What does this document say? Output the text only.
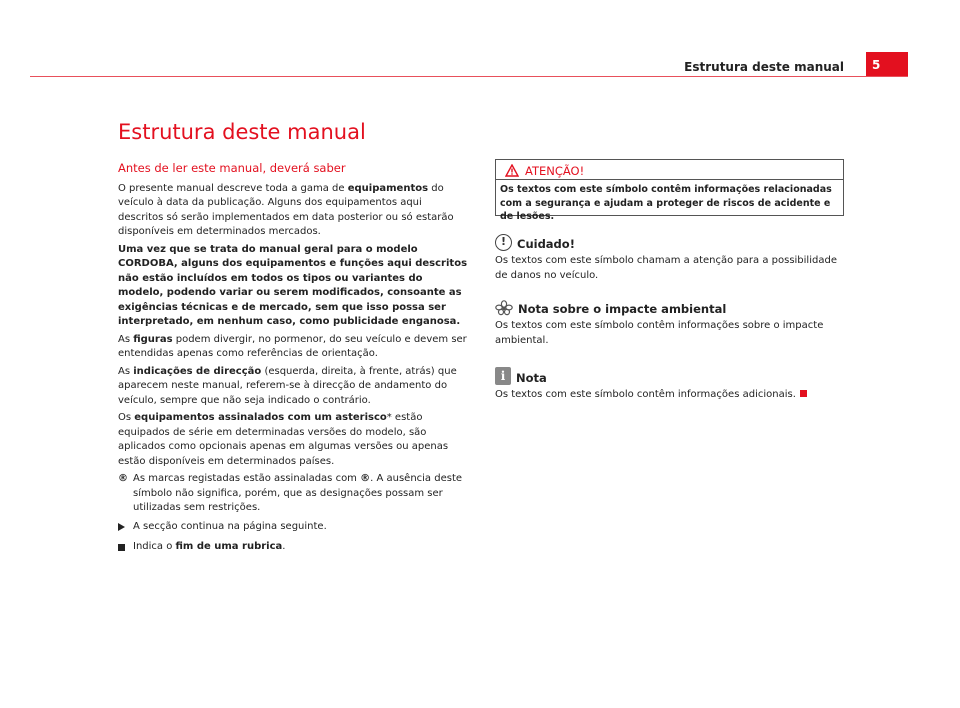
Estrutura deste manual	5
Estrutura deste manual
Antes de ler este manual, deverá saber

O presente manual descreve toda a gama de equipamentos do veículo à data da publicação. Alguns dos equipamentos aqui descritos só serão implementados em data posterior ou só estarão disponíveis em determinados mercados.

Uma vez que se trata do manual geral para o modelo CORDOBA, alguns dos equipamentos e funções aqui descritos não estão incluídos em todos os tipos ou variantes do modelo, podendo variar ou serem modificados, consoante as exigências técnicas e de mercado, sem que isso possa ser interpretado, em nenhum caso, como publicidade enganosa.

As figuras podem divergir, no pormenor, do seu veículo e devem ser entendidas apenas como referências de orientação.

As indicações de direcção (esquerda, direita, à frente, atrás) que aparecem neste manual, referem-se à direcção de andamento do veículo, sempre que não seja indicado o contrário.

Os equipamentos assinalados com um asterisco* estão equipados de série em determinadas versões do modelo, são aplicados como opcionais apenas em algumas versões ou apenas estão disponíveis em determinados países.

® As marcas registadas estão assinaladas com ®. A ausência deste símbolo não significa, porém, que as designações possam ser utilizadas sem restrições.
A secção continua na página seguinte.
Indica o fim de uma rubrica.
ATENÇÃO!
Os textos com este símbolo contêm informações relacionadas com a segurança e ajudam a proteger de riscos de acidente e de lesões.
! Cuidado!
Os textos com este símbolo chamam a atenção para a possibilidade de danos no veículo.
Nota sobre o impacte ambiental
Os textos com este símbolo contêm informações sobre o impacte ambiental.
i Nota
Os textos com este símbolo contêm informações adicionais.
